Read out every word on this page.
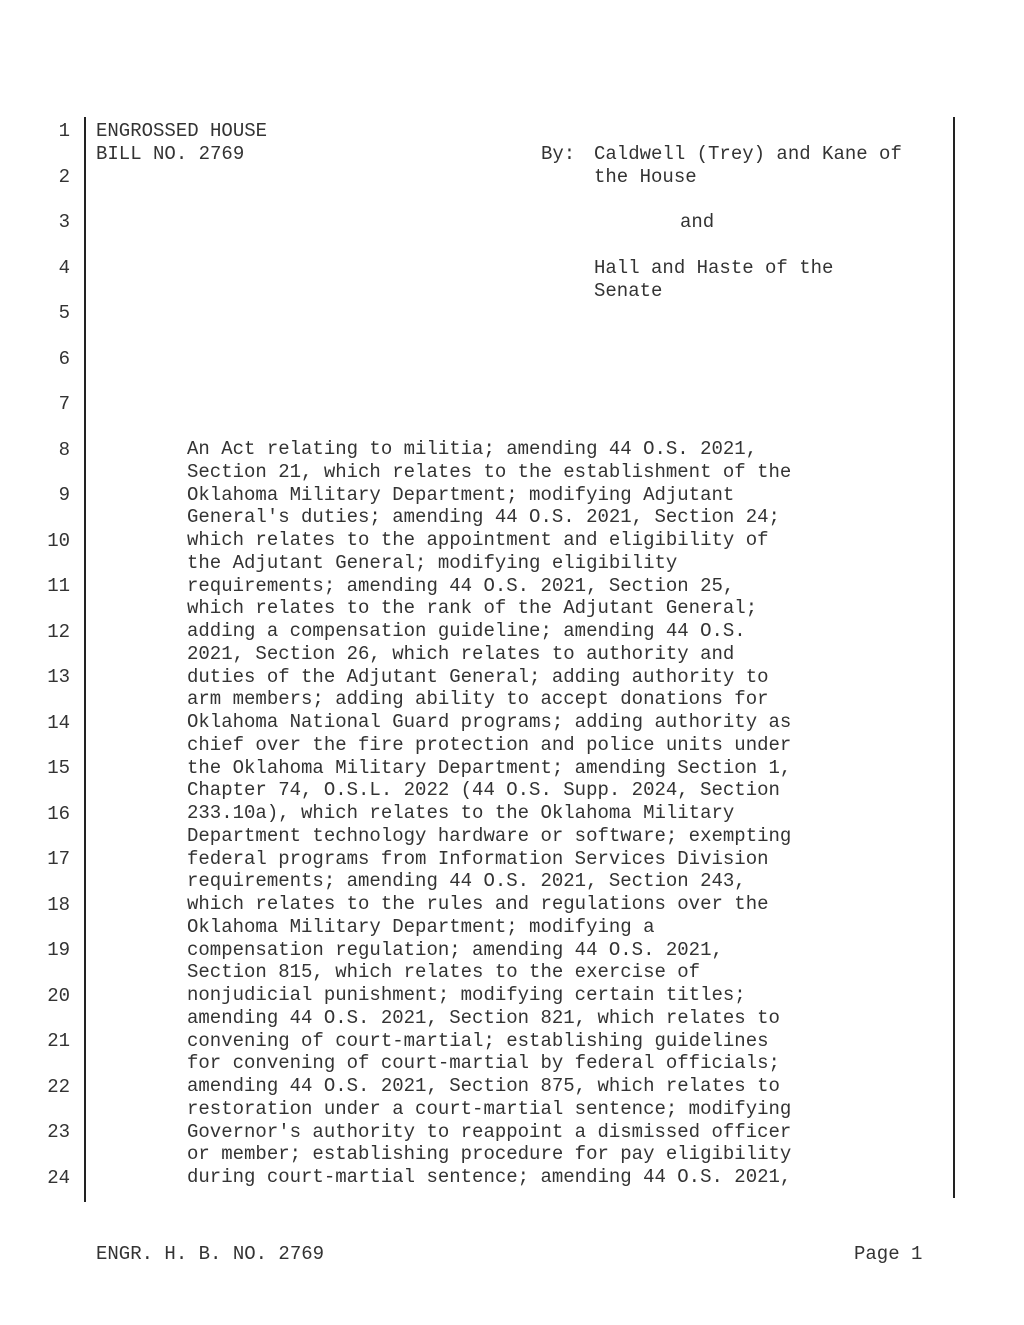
1
2
3
4
5
6
7
8
9
10
11
12
13
14
15
16
17
18
19
20
21
22
23
24
ENGROSSED HOUSE
BILL NO. 2769	By: Caldwell (Trey) and Kane of
the House
and
Hall and Haste of the
Senate
An Act relating to militia; amending 44 O.S. 2021,
Section 21, which relates to the establishment of the
Oklahoma Military Department; modifying Adjutant
General's duties; amending 44 O.S. 2021, Section 24;
which relates to the appointment and eligibility of
the Adjutant General; modifying eligibility
requirements; amending 44 O.S. 2021, Section 25,
which relates to the rank of the Adjutant General;
adding a compensation guideline; amending 44 O.S.
2021, Section 26, which relates to authority and
duties of the Adjutant General; adding authority to
arm members; adding ability to accept donations for
Oklahoma National Guard programs; adding authority as
chief over the fire protection and police units under
the Oklahoma Military Department; amending Section 1,
Chapter 74, O.S.L. 2022 (44 O.S. Supp. 2024, Section
233.10a), which relates to the Oklahoma Military
Department technology hardware or software; exempting
federal programs from Information Services Division
requirements; amending 44 O.S. 2021, Section 243,
which relates to the rules and regulations over the
Oklahoma Military Department; modifying a
compensation regulation; amending 44 O.S. 2021,
Section 815, which relates to the exercise of
nonjudicial punishment; modifying certain titles;
amending 44 O.S. 2021, Section 821, which relates to
convening of court-martial; establishing guidelines
for convening of court-martial by federal officials;
amending 44 O.S. 2021, Section 875, which relates to
restoration under a court-martial sentence; modifying
Governor's authority to reappoint a dismissed officer
or member; establishing procedure for pay eligibility
during court-martial sentence; amending 44 O.S. 2021,
ENGR. H. B. NO. 2769	Page 1
